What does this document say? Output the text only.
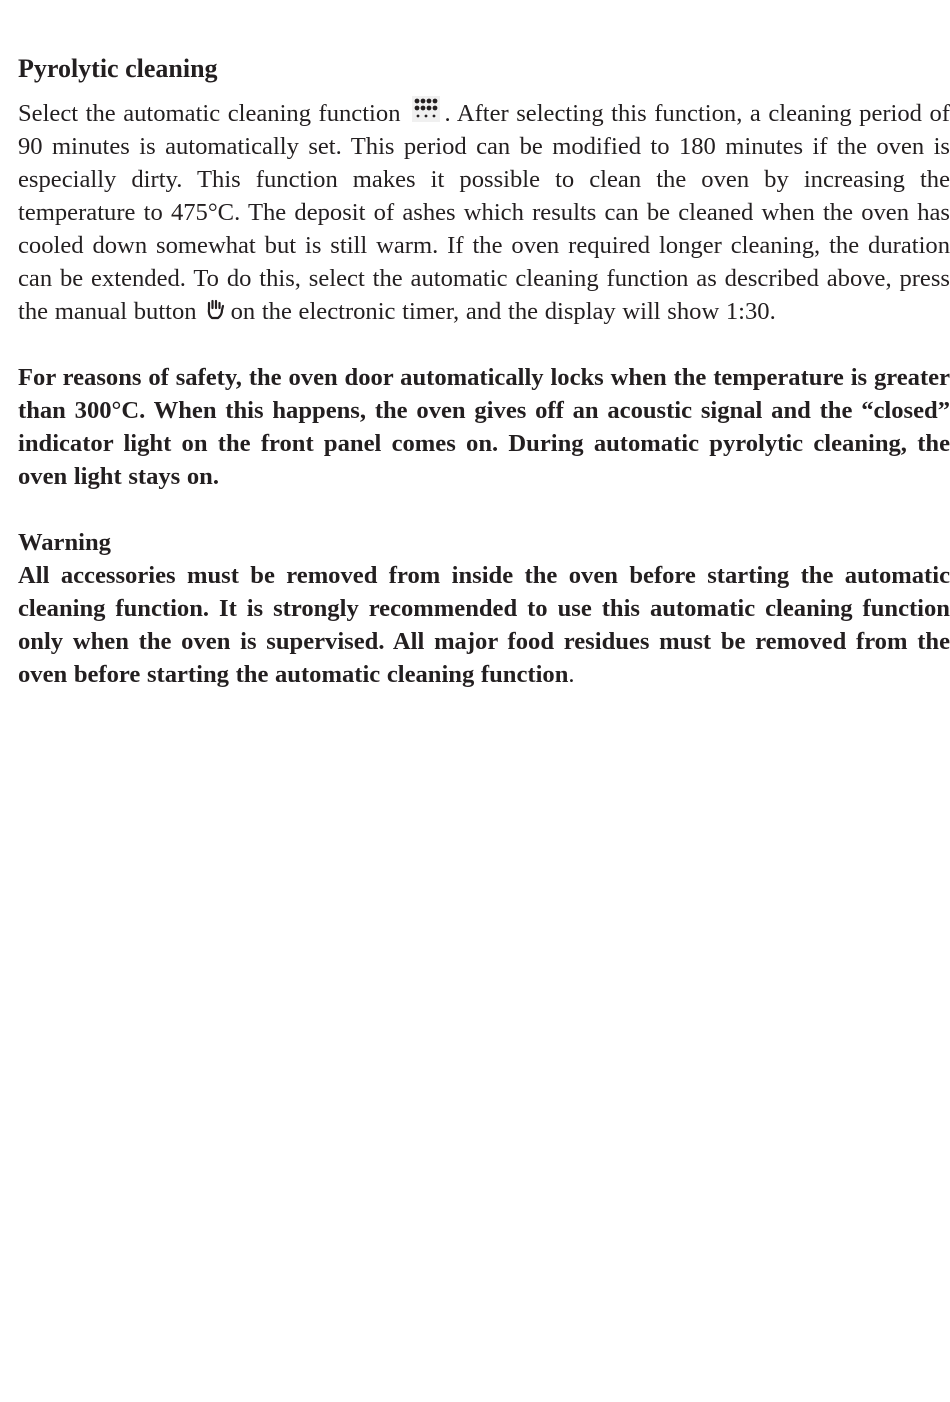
Pyrolytic cleaning

Select the automatic cleaning function . After selecting this function, a cleaning period of 90 minutes is automatically set. This period can be modified to 180 minutes if the oven is especially dirty. This function makes it possible to clean the oven by increasing the temperature to 475°C. The deposit of ashes which results can be cleaned when the oven has cooled down somewhat but is still warm. If the oven required longer cleaning, the duration can be extended. To do this, select the automatic cleaning function as described above, press the manual button on the electronic timer, and the display will show 1:30.

For reasons of safety, the oven door automatically locks when the temperature is greater than 300°C. When this happens, the oven gives off an acoustic signal and the “closed” indicator light on the front panel comes on. During automatic pyrolytic cleaning, the oven light stays on.

Warning

All accessories must be removed from inside the oven before starting the automatic cleaning function. It is strongly recommended to use this automatic cleaning function only when the oven is supervised. All major food residues must be removed from the oven before starting the automatic cleaning function.
